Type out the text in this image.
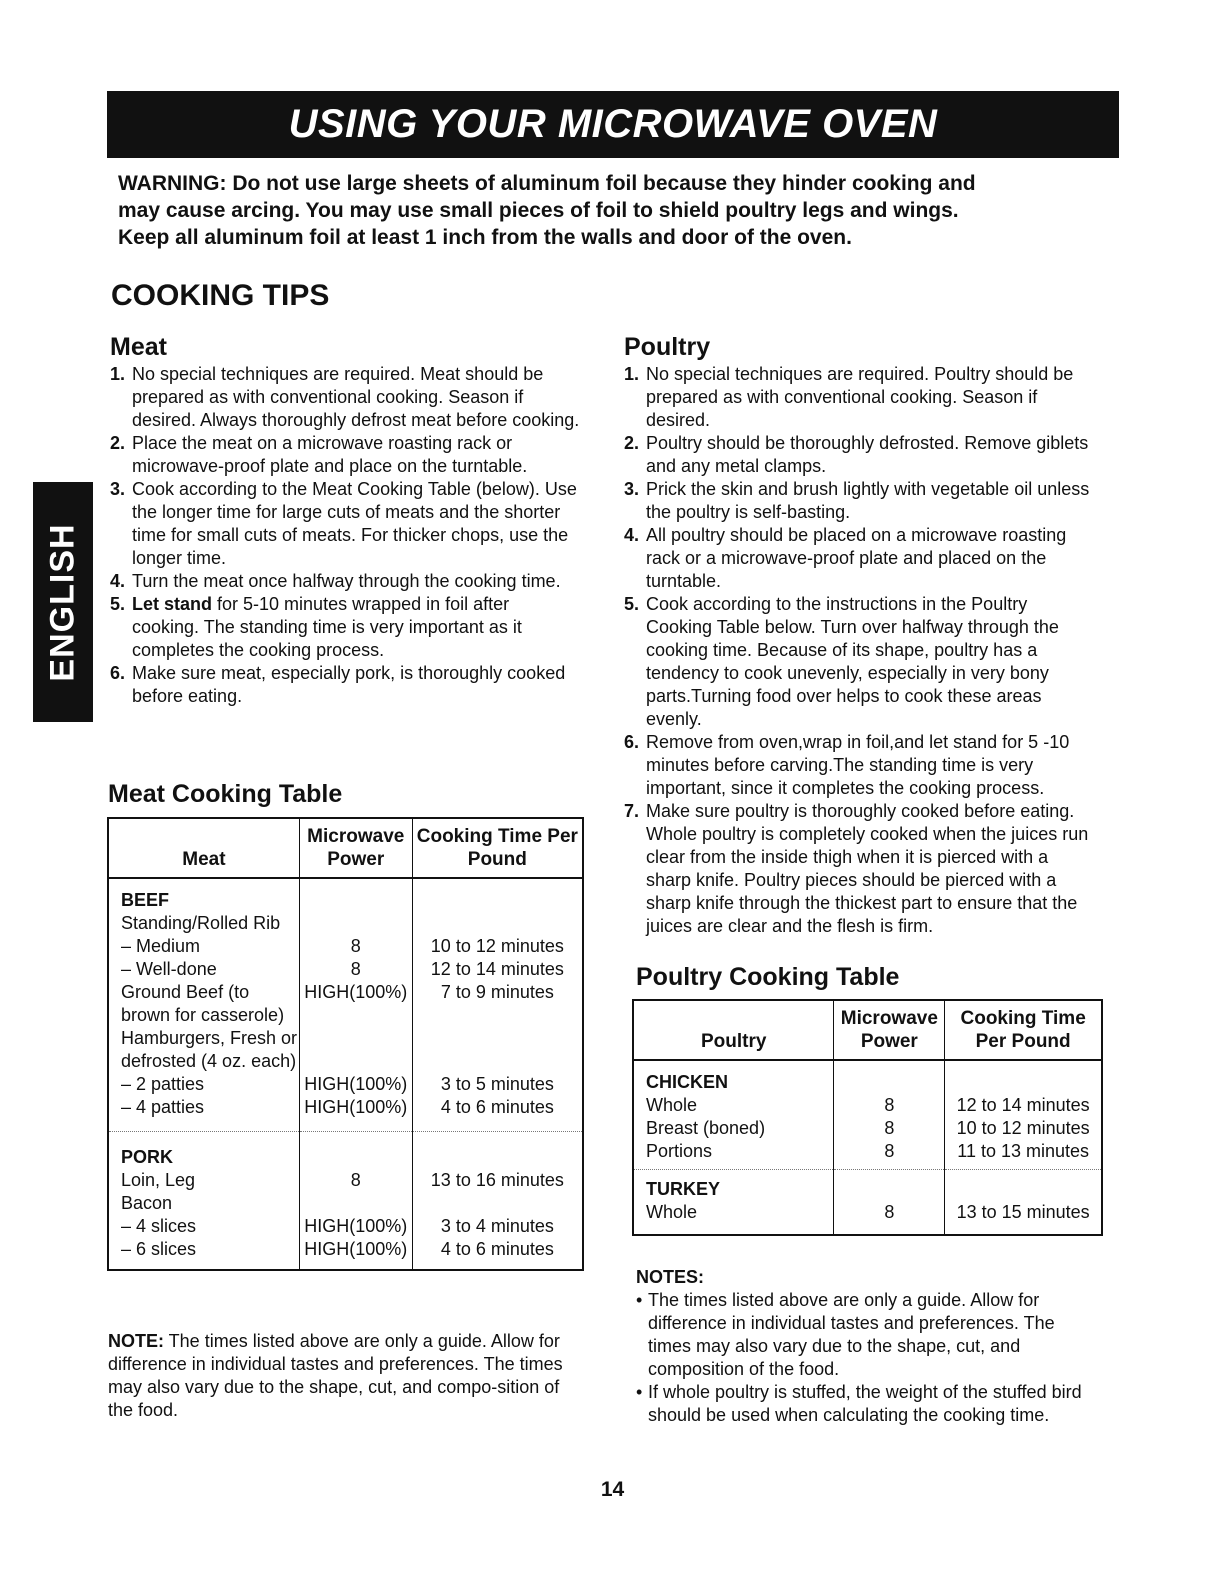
USING YOUR MICROWAVE OVEN
WARNING: Do not use large sheets of aluminum foil because they hinder cooking and may cause arcing. You may use small pieces of foil to shield poultry legs and wings. Keep all aluminum foil at least 1 inch from the walls and door of the oven.
COOKING TIPS
ENGLISH
Meat
1. No special techniques are required. Meat should be prepared as with conventional cooking. Season if desired. Always thoroughly defrost meat before cooking.
2. Place the meat on a microwave roasting rack or microwave-proof plate and place on the turntable.
3. Cook according to the Meat Cooking Table (below). Use the longer time for large cuts of meats and the shorter time for small cuts of meats. For thicker chops, use the longer time.
4. Turn the meat once halfway through the cooking time.
5. Let stand for 5-10 minutes wrapped in foil after cooking. The standing time is very important as it completes the cooking process.
6. Make sure meat, especially pork, is thoroughly cooked before eating.
Meat Cooking Table
Meat	Microwave Power	Cooking Time Per Pound
BEEF		
Standing/Rolled Rib		
– Medium	8	10 to 12 minutes
– Well-done	8	12 to 14 minutes
Ground Beef (to brown for casserole)	HIGH(100%)	7 to 9 minutes
Hamburgers, Fresh or defrosted (4 oz. each)		
– 2 patties	HIGH(100%)	3 to 5 minutes
– 4 patties	HIGH(100%)	4 to 6 minutes

PORK		
Loin, Leg	8	13 to 16 minutes
Bacon		
– 4 slices	HIGH(100%)	3 to 4 minutes
– 6 slices	HIGH(100%)	4 to 6 minutes
NOTE: The times listed above are only a guide. Allow for difference in individual tastes and preferences. The times may also vary due to the shape, cut, and compo-sition of the food.
Poultry
1. No special techniques are required. Poultry should be prepared as with conventional cooking. Season if desired.
2. Poultry should be thoroughly defrosted. Remove giblets and any metal clamps.
3. Prick the skin and brush lightly with vegetable oil unless the poultry is self-basting.
4. All poultry should be placed on a microwave roasting rack or a microwave-proof plate and placed on the turntable.
5. Cook according to the instructions in the Poultry Cooking Table below. Turn over halfway through the cooking time. Because of its shape, poultry has a tendency to cook unevenly, especially in very bony parts.Turning food over helps to cook these areas evenly.
6. Remove from oven,wrap in foil,and let stand for 5 -10 minutes before carving.The standing time is very important, since it completes the cooking process.
7. Make sure poultry is thoroughly cooked before eating. Whole poultry is completely cooked when the juices run clear from the inside thigh when it is pierced with a sharp knife. Poultry pieces should be pierced with a sharp knife through the thickest part to ensure that the juices are clear and the flesh is firm.
Poultry Cooking Table
Poultry	Microwave Power	Cooking Time Per Pound
CHICKEN		
Whole	8	12 to 14 minutes
Breast (boned)	8	10 to 12 minutes
Portions	8	11 to 13 minutes
TURKEY		
Whole	8	13 to 15 minutes
NOTES:
• The times listed above are only a guide. Allow for difference in individual tastes and preferences. The times may also vary due to the shape, cut, and composition of the food.
• If whole poultry is stuffed, the weight of the stuffed bird should be used when calculating the cooking time.
14
